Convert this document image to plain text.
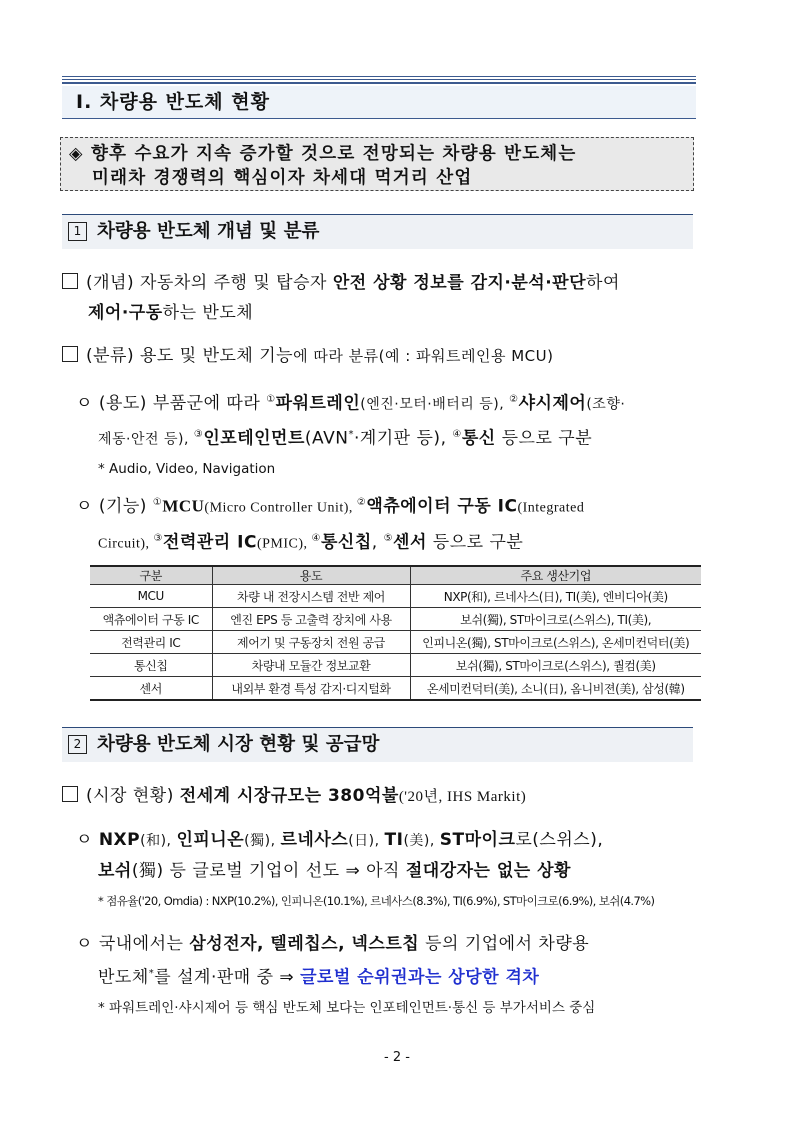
Ⅰ. 차량용 반도체 현황
◈ 향후 수요가 지속 증가할 것으로 전망되는 차량용 반도체는
미래차 경쟁력의 핵심이자 차세대 먹거리 산업
1 차량용 반도체 개념 및 분류
(개념) 자동차의 주행 및 탑승자 안전 상황 정보를 감지·분석·판단하여
제어·구동하는 반도체
(분류) 용도 및 반도체 기능에 따라 분류(예 : 파워트레인용 MCU)
ㅇ (용도) 부품군에 따라 ①파워트레인(엔진·모터·배터리 등), ②샤시제어(조향·
제동·안전 등), ③인포테인먼트(AVN*·계기판 등), ④통신 등으로 구분
* Audio, Video, Navigation
ㅇ (기능) ①MCU(Micro Controller Unit), ②액츄에이터 구동 IC(Integrated
Circuit), ③전력관리 IC(PMIC), ④통신칩, ⑤센서 등으로 구분
구분	용도	주요 생산기업
MCU	차량 내 전장시스템 전반 제어	NXP(和), 르네사스(日), TI(美), 엔비디아(美)
액츄에이터 구동 IC	엔진 EPS 등 고출력 장치에 사용	보쉬(獨), ST마이크로(스위스), TI(美),
전력관리 IC	제어기 및 구동장치 전원 공급	인피니온(獨), ST마이크로(스위스), 온세미컨덕터(美)
통신칩	차량내 모듈간 정보교환	보쉬(獨), ST마이크로(스위스), 퀄컴(美)
센서	내외부 환경 특성 감지·디지털화	온세미컨덕터(美), 소니(日), 옴니비젼(美), 삼성(韓)
2 차량용 반도체 시장 현황 및 공급망
(시장 현황) 전세계 시장규모는 380억불('20년, IHS Markit)
ㅇ NXP(和), 인피니온(獨), 르네사스(日), TI(美), ST마이크로(스위스),
보쉬(獨) 등 글로벌 기업이 선도 ⇒ 아직 절대강자는 없는 상황
* 점유율('20, Omdia) : NXP(10.2%), 인피니온(10.1%), 르네사스(8.3%), TI(6.9%), ST마이크로(6.9%), 보쉬(4.7%)
ㅇ 국내에서는 삼성전자, 텔레칩스, 넥스트칩 등의 기업에서 차량용
반도체*를 설계·판매 중 ⇒ 글로벌 순위권과는 상당한 격차
* 파워트레인·샤시제어 등 핵심 반도체 보다는 인포테인먼트·통신 등 부가서비스 중심
- 2 -
